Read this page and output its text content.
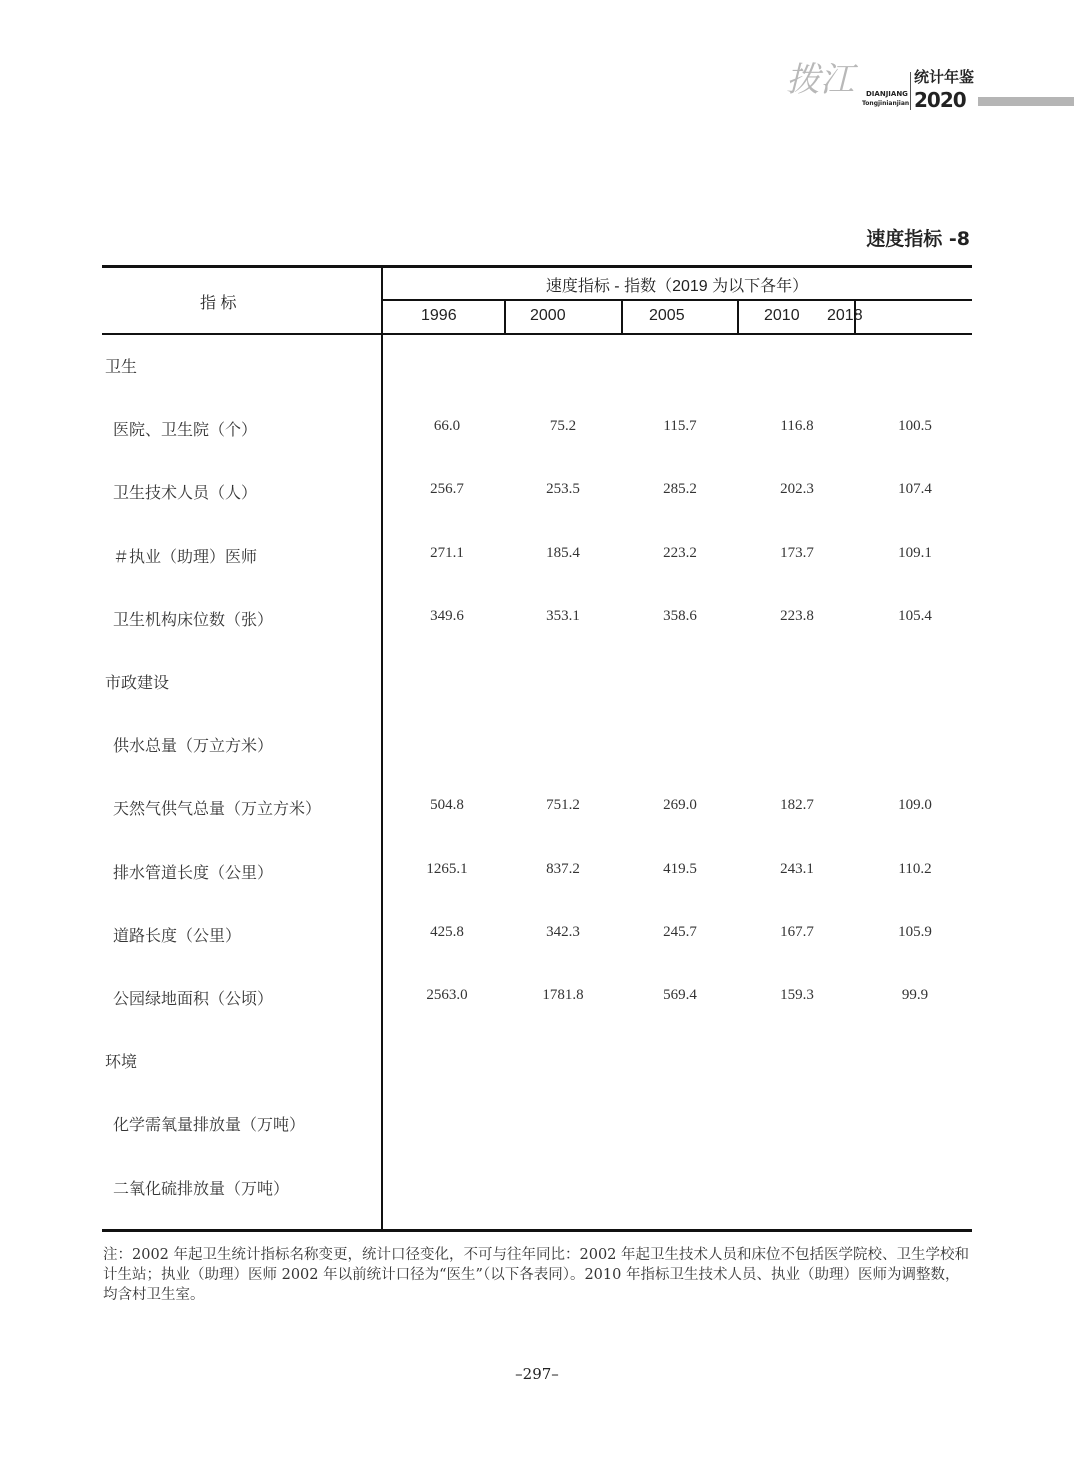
拨江 DIANJIANG
Tongjinianjian
统计年鉴
2020
速度指标 -8
指 标
速度指标 - 指数（2019 为以下各年）
1996	2000	2005	2010 2018
卫生
医院、卫生院（个）	66.0	75.2	115.7	116.8	100.5
卫生技术人员（人）	256.7	253.5	285.2	202.3	107.4
＃执业（助理）医师	271.1	185.4	223.2	173.7	109.1
卫生机构床位数（张）	349.6	353.1	358.6	223.8	105.4
市政建设
供水总量（万立方米）
天然气供气总量（万立方米）	504.8	751.2	269.0	182.7	109.0
排水管道长度（公里）	1265.1	837.2	419.5	243.1	110.2
道路长度（公里）	425.8	342.3	245.7	167.7	105.9
公园绿地面积（公顷）	2563.0	1781.8	569.4	159.3	99.9
环境
化学需氧量排放量（万吨）
二氧化硫排放量（万吨）
注：2002 年起卫生统计指标名称变更，统计口径变化，不可与往年同比：2002 年起卫生技术人员和床位不包括医学院校、卫生学校和计生站；执业（助理）医师 2002 年以前统计口径为“医生”（以下各表同）。2010 年指标卫生技术人员、执业（助理）医师为调整数，均含村卫生室。
–297–
